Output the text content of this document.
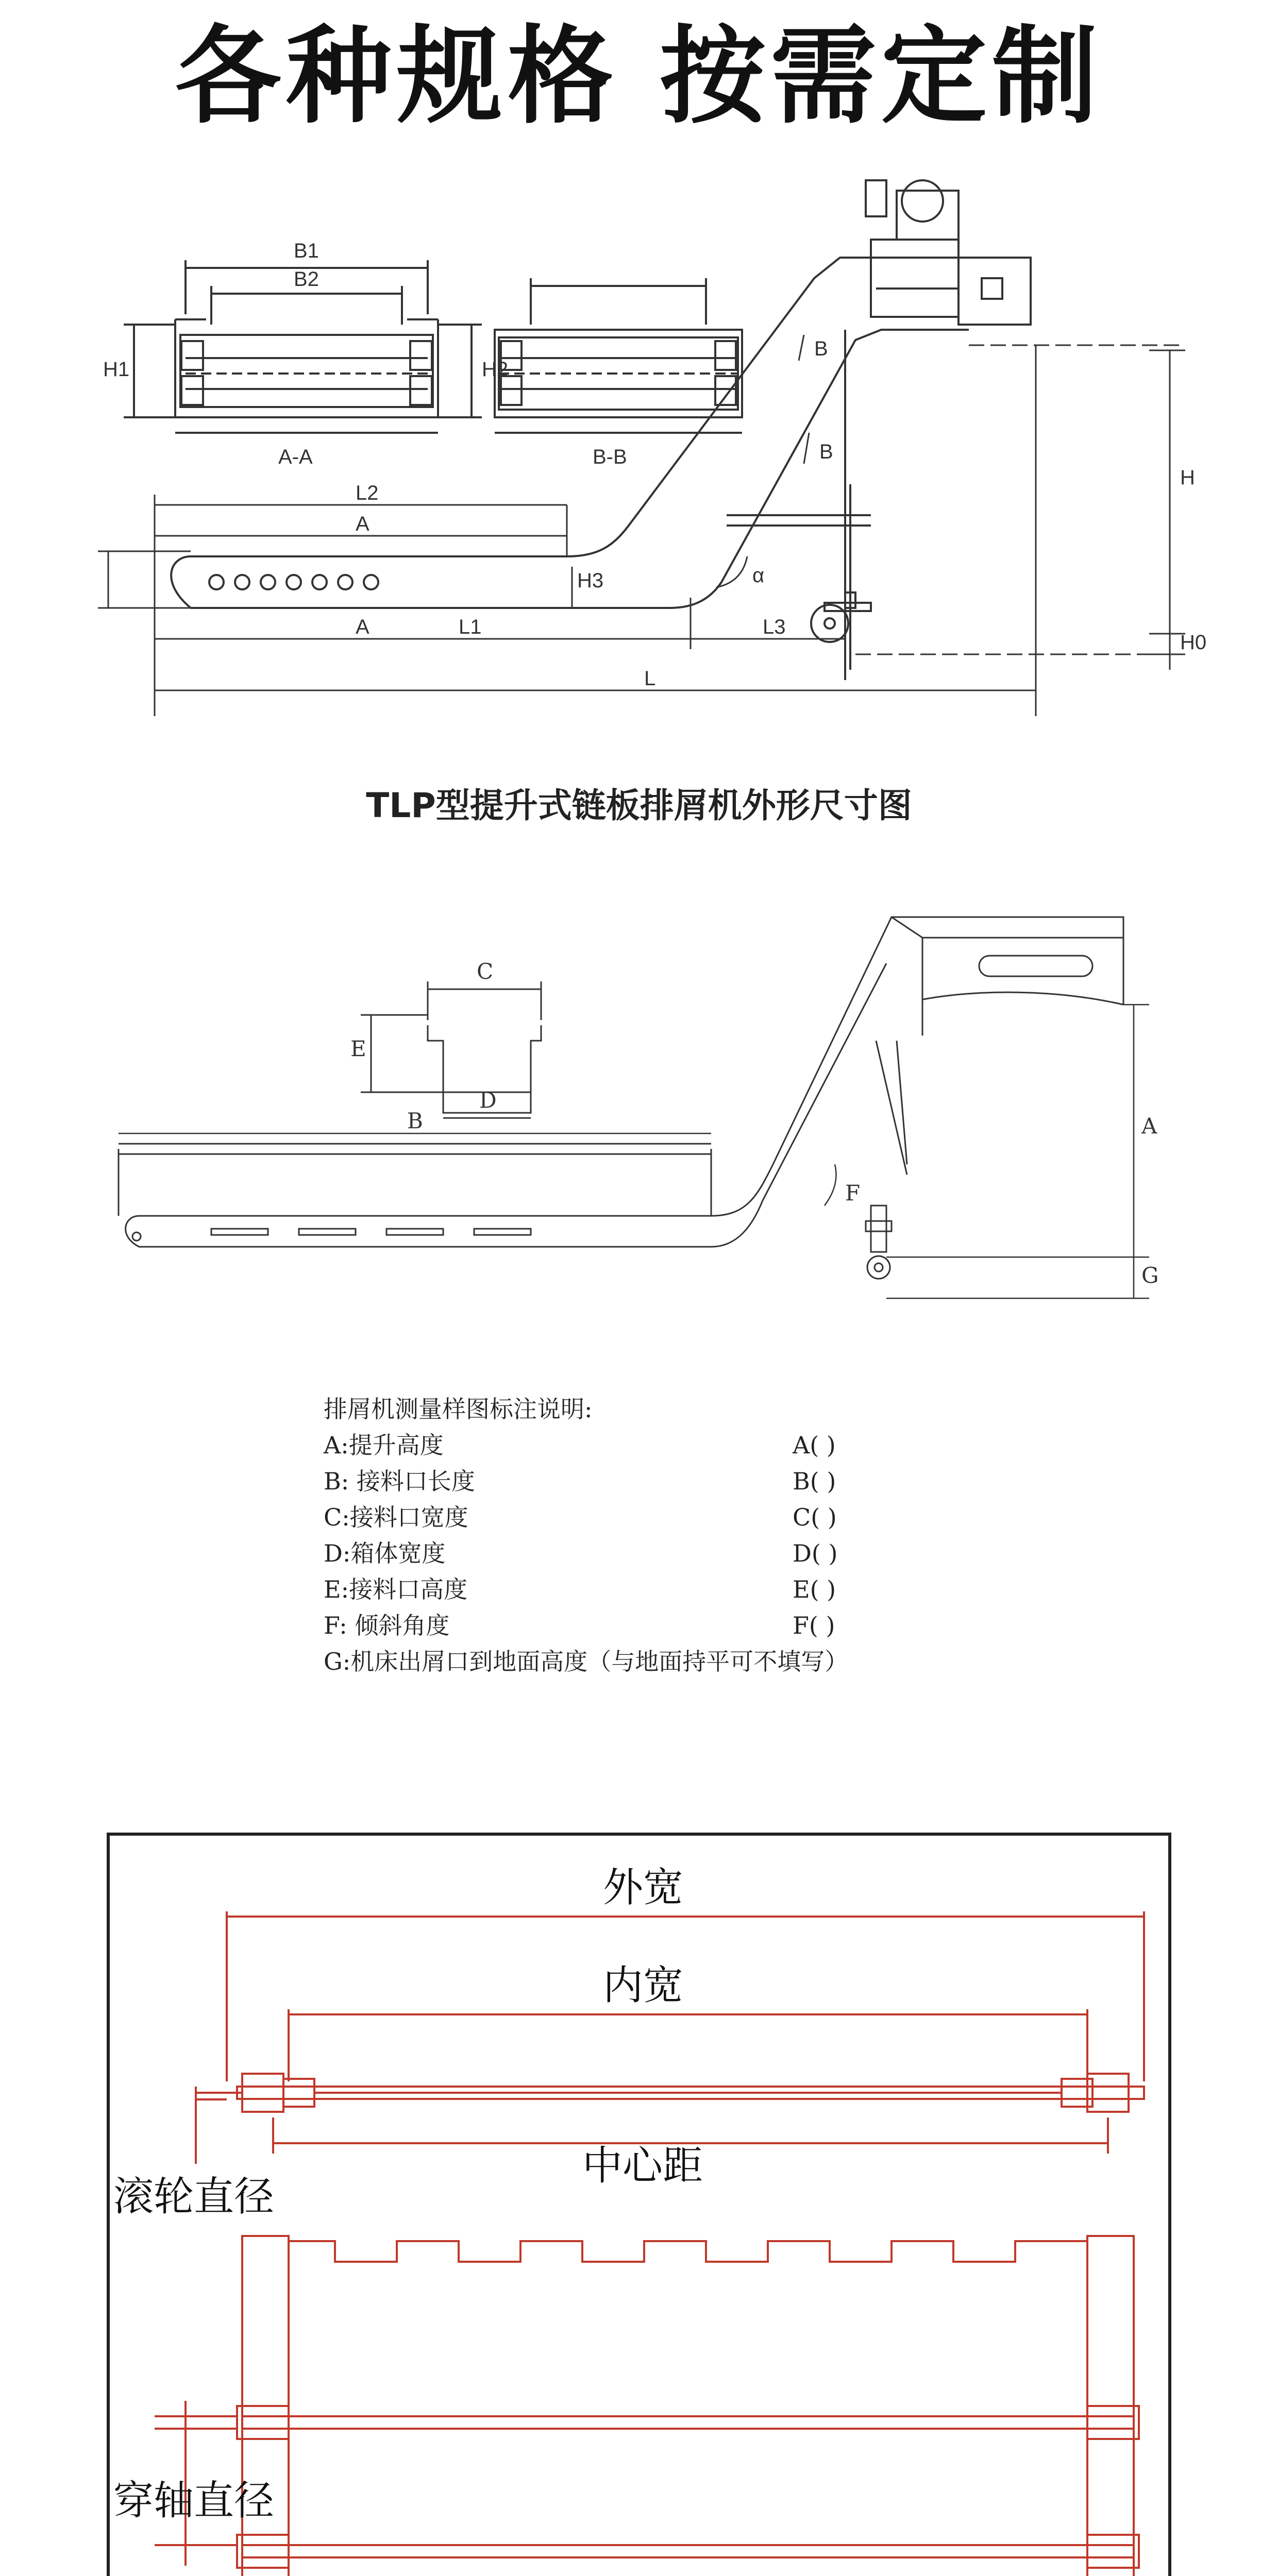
各种规格 按需定制
B1
B2
H1	H2
A-A	B-B
L2
A
A	L1	L3
L
H
H0
H3
B
B
α
TLP型提升式链板排屑机外形尺寸图
C
E
D
B	A
F
G
排屑机测量样图标注说明:
A:提升高度	A( )
B: 接料口长度	B( )
C:接料口宽度	C( )
D:箱体宽度	D( )
E:接料口高度	E( )
F: 倾斜角度	F( )
G:机床出屑口到地面高度（与地面持平可不填写）
外宽
内宽
中心距
滚轮直径
穿轴直径
